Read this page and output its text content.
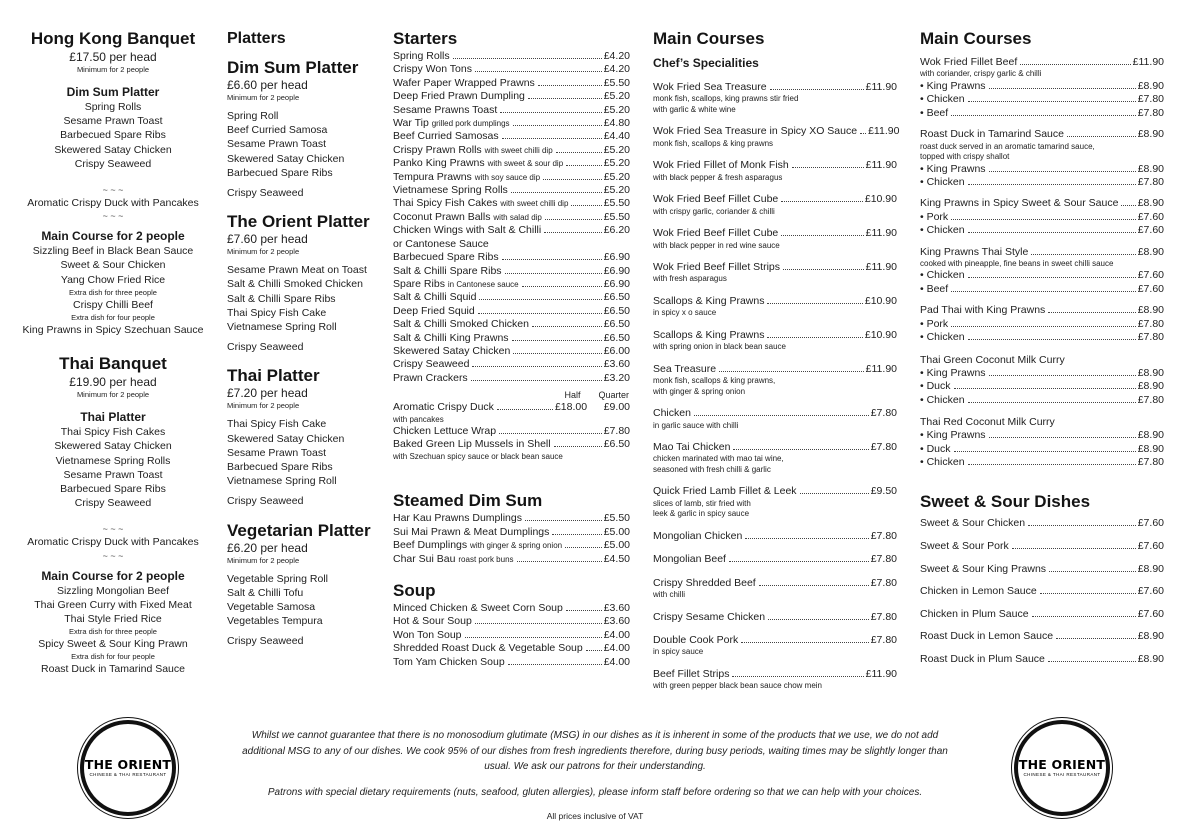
Hong Kong Banquet
£17.50 per head
Minimum for 2 people
Dim Sum Platter
Spring Rolls
Sesame Prawn Toast
Barbecued Spare Ribs
Skewered Satay Chicken
Crispy Seaweed
~ ~ ~
Aromatic Crispy Duck with Pancakes
~ ~ ~
Main Course for 2 people
Sizzling Beef in Black Bean Sauce
Sweet & Sour Chicken
Yang Chow Fried Rice
Extra dish for three people
Crispy Chilli Beef
Extra dish for four people
King Prawns in Spicy Szechuan Sauce
Thai Banquet
£19.90 per head
Minimum for 2 people
Thai Platter
Thai Spicy Fish Cakes
Skewered Satay Chicken
Vietnamese Spring Rolls
Sesame Prawn Toast
Barbecued Spare Ribs
Crispy Seaweed
~ ~ ~
Aromatic Crispy Duck with Pancakes
~ ~ ~
Main Course for 2 people
Sizzling Mongolian Beef
Thai Green Curry with Fixed Meat
Thai Style Fried Rice
Extra dish for three people
Spicy Sweet & Sour King Prawn
Extra dish for four people
Roast Duck in Tamarind Sauce
Platters
Dim Sum Platter
£6.60 per head
Minimum for 2 people
Spring Roll
Beef Curried Samosa
Sesame Prawn Toast
Skewered Satay Chicken
Barbecued Spare Ribs
Crispy Seaweed
The Orient Platter
£7.60 per head
Minimum for 2 people
Sesame Prawn Meat on Toast
Salt & Chilli Smoked Chicken
Salt & Chilli Spare Ribs
Thai Spicy Fish Cake
Vietnamese Spring Roll
Crispy Seaweed
Thai Platter
£7.20 per head
Minimum for 2 people
Thai Spicy Fish Cake
Skewered Satay Chicken
Sesame Prawn Toast
Barbecued Spare Ribs
Vietnamese Spring Roll
Crispy Seaweed
Vegetarian Platter
£6.20 per head
Minimum for 2 people
Vegetable Spring Roll
Salt & Chilli Tofu
Vegetable Samosa
Vegetables Tempura
Crispy Seaweed
Starters
Spring Rolls	£4.20
Crispy Won Tons	£4.20
Wafer Paper Wrapped Prawns	£5.50
Deep Fried Prawn Dumpling	£5.20
Sesame Prawns Toast	£5.20
War Tip grilled pork dumplings	£4.80
Beef Curried Samosas	£4.40
Crispy Prawn Rolls with sweet chilli dip	£5.20
Panko King Prawns with sweet & sour dip	£5.20
Tempura Prawns with soy sauce dip	£5.20
Vietnamese Spring Rolls	£5.20
Thai Spicy Fish Cakes with sweet chilli dip	£5.50
Coconut Prawn Balls with salad dip	£5.50
Chicken Wings with Salt & Chilli	£6.20
or Cantonese Sauce
Barbecued Spare Ribs	£6.90
Salt & Chilli Spare Ribs	£6.90
Spare Ribs in Cantonese sauce	£6.90
Salt & Chilli Squid	£6.50
Deep Fried Squid	£6.50
Salt & Chilli Smoked Chicken	£6.50
Salt & Chilli King Prawns	£6.50
Skewered Satay Chicken	£6.00
Crispy Seaweed	£3.60
Prawn Crackers	£3.20
Half Quarter
Aromatic Crispy Duck	£18.00 £9.00
with pancakes
Chicken Lettuce Wrap	£7.80
Baked Green Lip Mussels in Shell	£6.50
with Szechuan spicy sauce or black bean sauce
Steamed Dim Sum
Har Kau Prawns Dumplings	£5.50
Sui Mai Prawn & Meat Dumplings	£5.00
Beef Dumplings with ginger & spring onion	£5.00
Char Sui Bau roast pork buns	£4.50
Soup
Minced Chicken & Sweet Corn Soup	£3.60
Hot & Sour Soup	£3.60
Won Ton Soup	£4.00
Shredded Roast Duck & Vegetable Soup £4.00
Tom Yam Chicken Soup	£4.00
Main Courses
Chef’s Specialities
Wok Fried Sea Treasure	£11.90
monk fish, scallops, king prawns stir fried
with garlic & white wine
Wok Fried Sea Treasure in Spicy XO Sauce £11.90
monk fish, scallops & king prawns
Wok Fried Fillet of Monk Fish	£11.90
with black pepper & fresh asparagus
Wok Fried Beef Fillet Cube	£10.90
with crispy garlic, coriander & chilli
Wok Fried Beef Fillet Cube	£11.90
with black pepper in red wine sauce
Wok Fried Beef Fillet Strips	£11.90
with fresh asparagus
Scallops & King Prawns	£10.90
in spicy x o sauce
Scallops & King Prawns	£10.90
with spring onion in black bean sauce
Sea Treasure	£11.90
monk fish, scallops & king prawns,
with ginger & spring onion
Chicken	£7.80
in garlic sauce with chilli
Mao Tai Chicken	£7.80
chicken marinated with mao tai wine,
seasoned with fresh chilli & garlic
Quick Fried Lamb Fillet & Leek	£9.50
slices of lamb, stir fried with
leek & garlic in spicy sauce
Mongolian Chicken	£7.80
Mongolian Beef	£7.80
Crispy Shredded Beef	£7.80
with chilli
Crispy Sesame Chicken	£7.80
Double Cook Pork	£7.80
in spicy sauce
Beef Fillet Strips	£11.90
with green pepper black bean sauce chow mein
Main Courses
Wok Fried Fillet Beef	£11.90
with coriander, crispy garlic & chilli
• King Prawns	£8.90
• Chicken	£7.80
• Beef	£7.80
Roast Duck in Tamarind Sauce	£8.90
roast duck served in an aromatic tamarind sauce,
topped with crispy shallot
• King Prawns	£8.90
• Chicken	£7.80
King Prawns in Spicy Sweet & Sour Sauce £8.90
• Pork	£7.60
• Chicken	£7.60
King Prawns Thai Style	£8.90
cooked with pineapple, fine beans in sweet chilli sauce
• Chicken	£7.60
• Beef	£7.60
Pad Thai with King Prawns	£8.90
• Pork	£7.80
• Chicken	£7.80
Thai Green Coconut Milk Curry
• King Prawns	£8.90
• Duck	£8.90
• Chicken	£7.80
Thai Red Coconut Milk Curry
• King Prawns	£8.90
• Duck	£8.90
• Chicken	£7.80
Sweet & Sour Dishes
Sweet & Sour Chicken	£7.60
Sweet & Sour Pork	£7.60
Sweet & Sour King Prawns	£8.90
Chicken in Lemon Sauce	£7.60
Chicken in Plum Sauce	£7.60
Roast Duck in Lemon Sauce	£8.90
Roast Duck in Plum Sauce	£8.90
THE ORIENT
CHINESE & THAI RESTAURANT
Whilst we cannot guarantee that there is no monosodium glutimate (MSG) in our dishes as it is inherent in some of the products that we use, we do not add additional MSG to any of our dishes. We cook 95% of our dishes from fresh ingredients therefore, during busy periods, waiting times may be slightly longer than usual. We ask our patrons for their understanding.
Patrons with special dietary requirements (nuts, seafood, gluten allergies), please inform staff before ordering so that we can help with your choices.
All prices inclusive of VAT
THE ORIENT
CHINESE & THAI RESTAURANT
